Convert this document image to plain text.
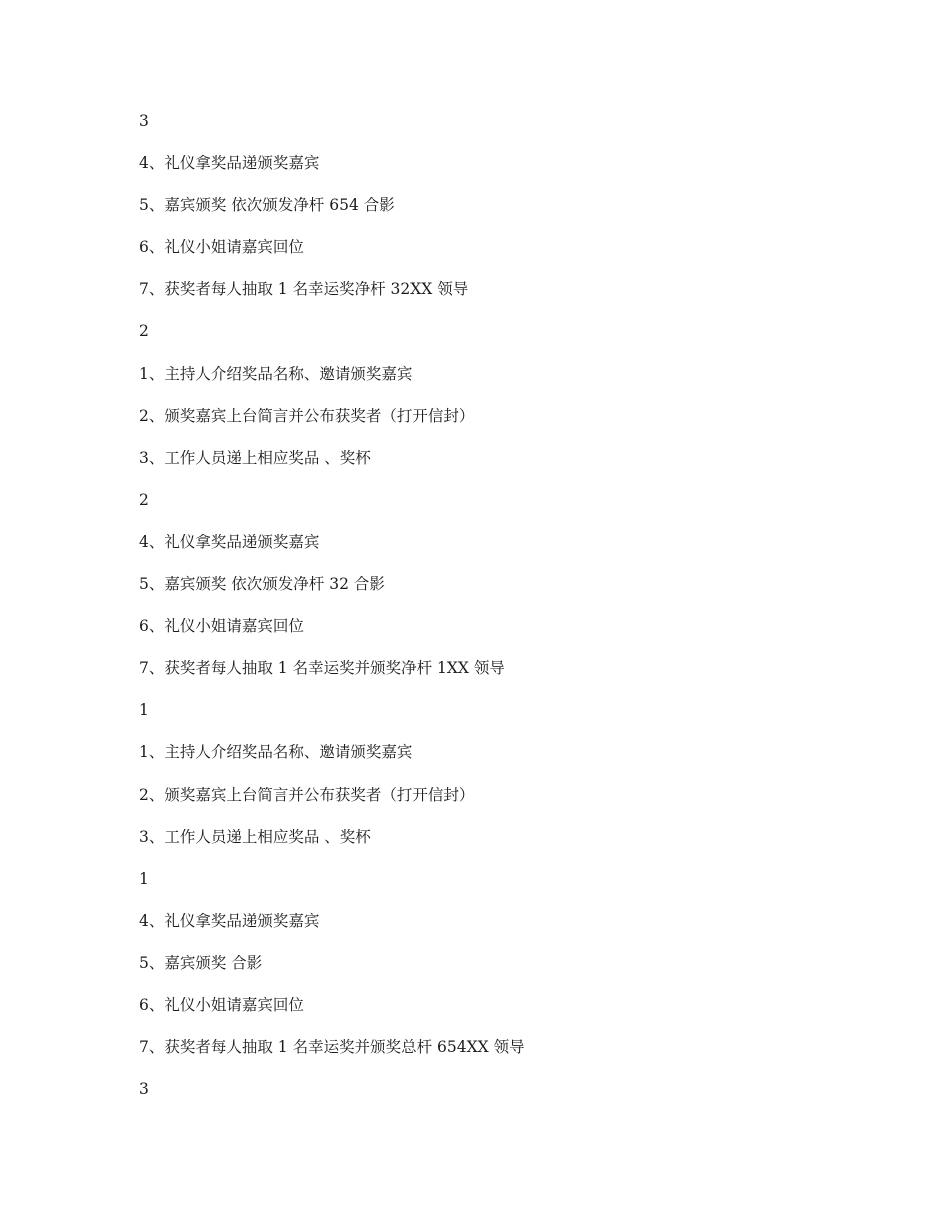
3
4、礼仪拿奖品递颁奖嘉宾
5、嘉宾颁奖 依次颁发净杆 654 合影
6、礼仪小姐请嘉宾回位
7、获奖者每人抽取 1 名幸运奖净杆 32XX 领导
2
1、主持人介绍奖品名称、邀请颁奖嘉宾
2、颁奖嘉宾上台简言并公布获奖者（打开信封）
3、工作人员递上相应奖品 、奖杯
2
4、礼仪拿奖品递颁奖嘉宾
5、嘉宾颁奖 依次颁发净杆 32 合影
6、礼仪小姐请嘉宾回位
7、获奖者每人抽取 1 名幸运奖并颁奖净杆 1XX 领导
1
1、主持人介绍奖品名称、邀请颁奖嘉宾
2、颁奖嘉宾上台简言并公布获奖者（打开信封）
3、工作人员递上相应奖品 、奖杯
1
4、礼仪拿奖品递颁奖嘉宾
5、嘉宾颁奖 合影
6、礼仪小姐请嘉宾回位
7、获奖者每人抽取 1 名幸运奖并颁奖总杆 654XX 领导
3
